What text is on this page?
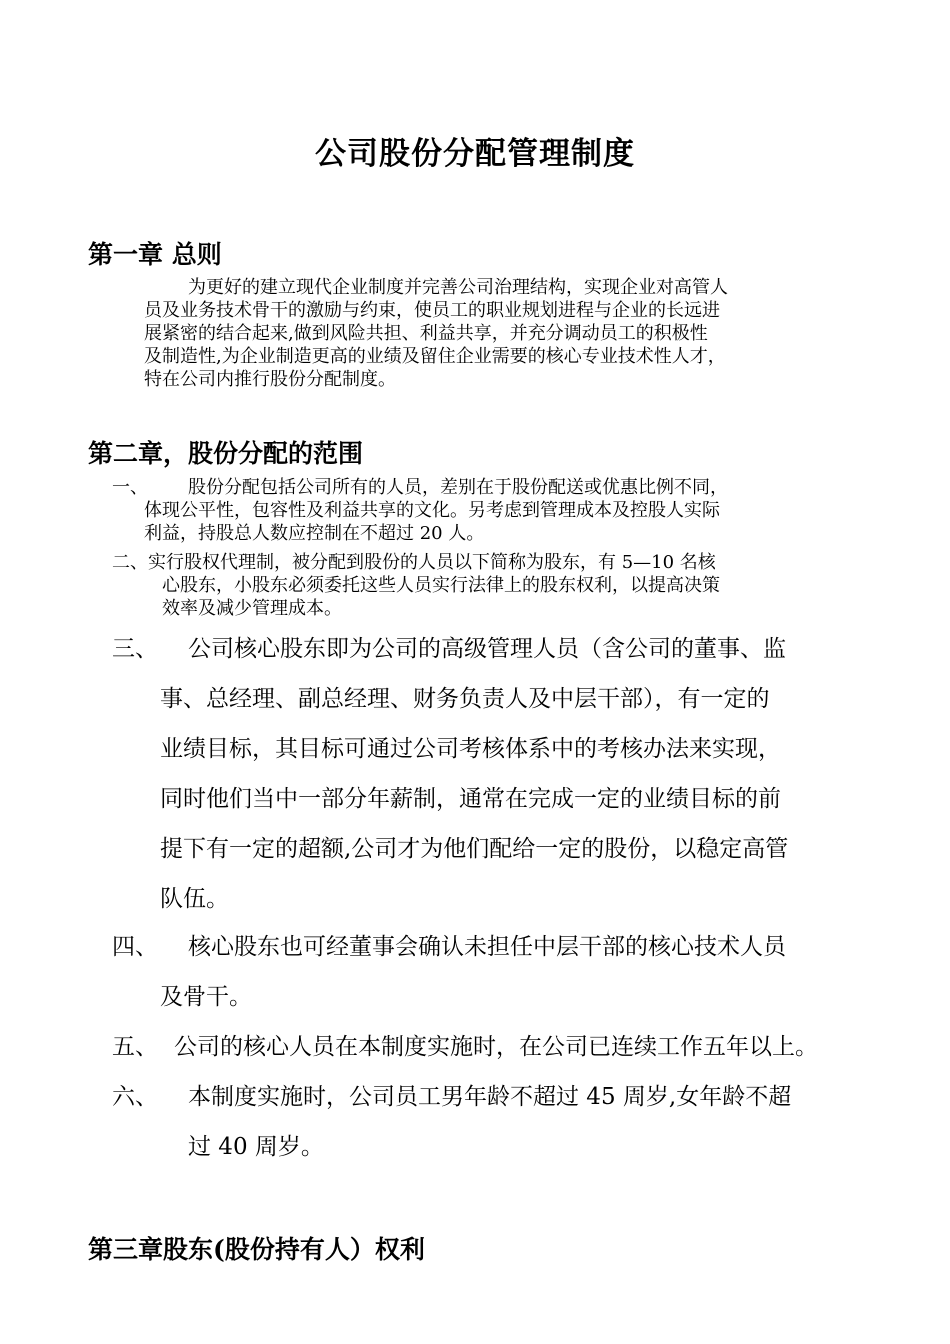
公司股份分配管理制度
第一章 总则
为更好的建立现代企业制度并完善公司治理结构，实现企业对高管人
员及业务技术骨干的激励与约束，使员工的职业规划进程与企业的长远进
展紧密的结合起来,做到风险共担、利益共享，并充分调动员工的积极性
及制造性,为企业制造更高的业绩及留住企业需要的核心专业技术性人才，
特在公司内推行股份分配制度。
第二章，股份分配的范围
一、	股份分配包括公司所有的人员，差别在于股份配送或优惠比例不同，
体现公平性，包容性及利益共享的文化。另考虑到管理成本及控股人实际
利益，持股总人数应控制在不超过 20 人。
二、 实行股权代理制，被分配到股份的人员以下简称为股东，有 5—10 名核
心股东，小股东必须委托这些人员实行法律上的股东权利，以提高决策
效率及减少管理成本。
三、	公司核心股东即为公司的高级管理人员（含公司的董事、监
事、总经理、副总经理、财务负责人及中层干部），有一定的
业绩目标，其目标可通过公司考核体系中的考核办法来实现，
同时他们当中一部分年薪制，通常在完成一定的业绩目标的前
提下有一定的超额,公司才为他们配给一定的股份，以稳定高管
队伍。
四、	核心股东也可经董事会确认未担任中层干部的核心技术人员
及骨干。
五、 公司的核心人员在本制度实施时，在公司已连续工作五年以上。
六、 本制度实施时，公司员工男年龄不超过 45 周岁,女年龄不超
过 40 周岁。
第三章股东(股份持有人）权利
